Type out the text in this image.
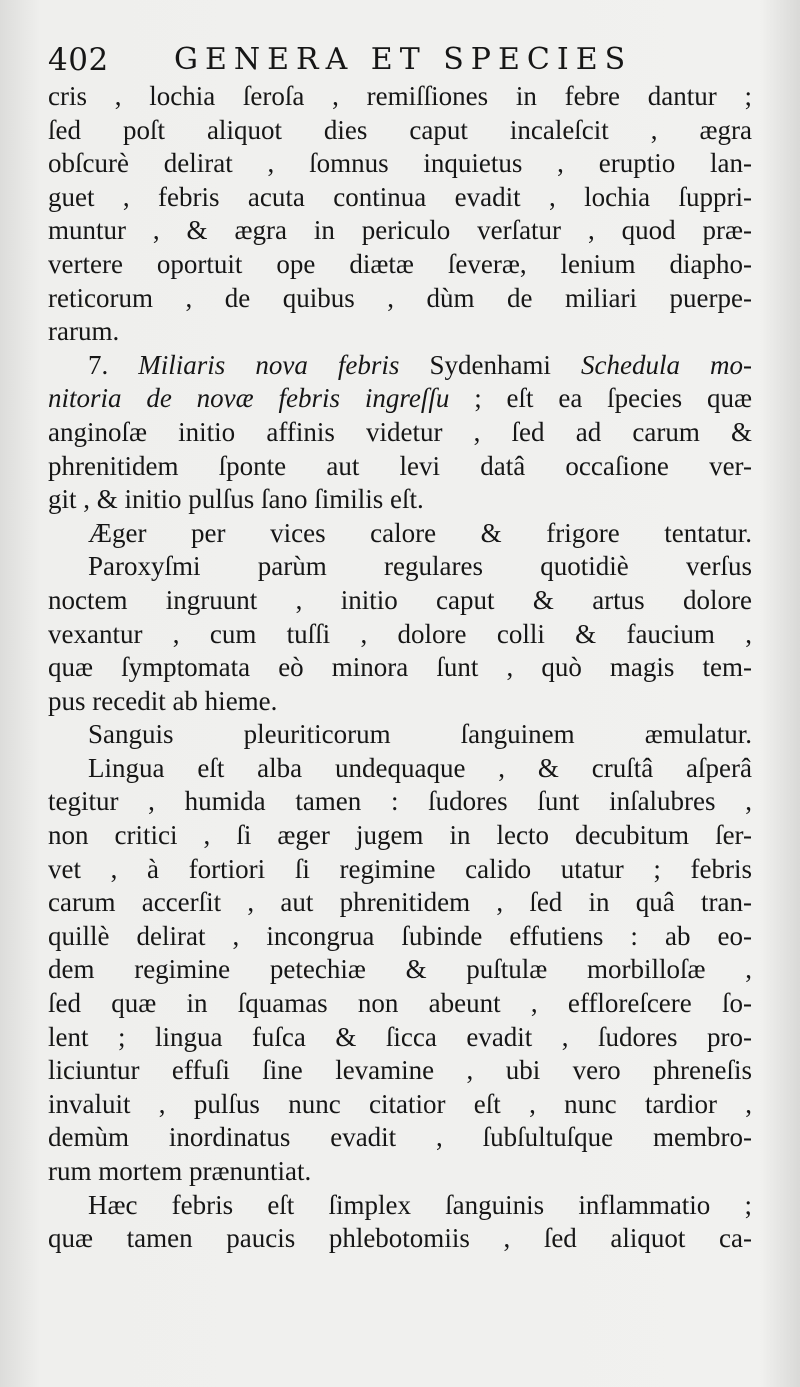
402 GENERA ET SPECIES
cris , lochia ſeroſa , remiſſiones in febre dantur ;
ſed poſt aliquot dies caput incaleſcit , ægra
obſcurè delirat , ſomnus inquietus , eruptio lan-
guet , febris acuta continua evadit , lochia ſuppri-
muntur , & ægra in periculo verſatur , quod præ-
vertere oportuit ope diætæ ſeveræ, lenium diapho-
reticorum , de quibus , dùm de miliari puerpe-
rarum.
7. Miliaris nova febris Sydenhami Schedula mo-
nitoria de novæ febris ingreſſu ; eſt ea ſpecies quæ
anginoſæ initio affinis videtur , ſed ad carum &
phrenitidem ſponte aut levi datâ occaſione ver-
git , & initio pulſus ſano ſimilis eſt.
Æger per vices calore & frigore tentatur.
Paroxyſmi parùm regulares quotidiè verſus
noctem ingruunt , initio caput & artus dolore
vexantur , cum tuſſi , dolore colli & faucium ,
quæ ſymptomata eò minora ſunt , quò magis tem-
pus recedit ab hieme.
Sanguis pleuriticorum ſanguinem æmulatur.
Lingua eſt alba undequaque , & cruſtâ aſperâ
tegitur , humida tamen : ſudores ſunt inſalubres ,
non critici , ſi æger jugem in lecto decubitum ſer-
vet , à fortiori ſi regimine calido utatur ; febris
carum accerſit , aut phrenitidem , ſed in quâ tran-
quillè delirat , incongrua ſubinde effutiens : ab eo-
dem regimine petechiæ & puſtulæ morbilloſæ ,
ſed quæ in ſquamas non abeunt , effloreſcere ſo-
lent ; lingua fuſca & ſicca evadit , ſudores pro-
liciuntur effuſi ſine levamine , ubi vero phreneſis
invaluit , pulſus nunc citatior eſt , nunc tardior ,
demùm inordinatus evadit , ſubſultuſque membro-
rum mortem prænuntiat.
Hæc febris eſt ſimplex ſanguinis inflammatio ;
quæ tamen paucis phlebotomiis , ſed aliquot ca-
